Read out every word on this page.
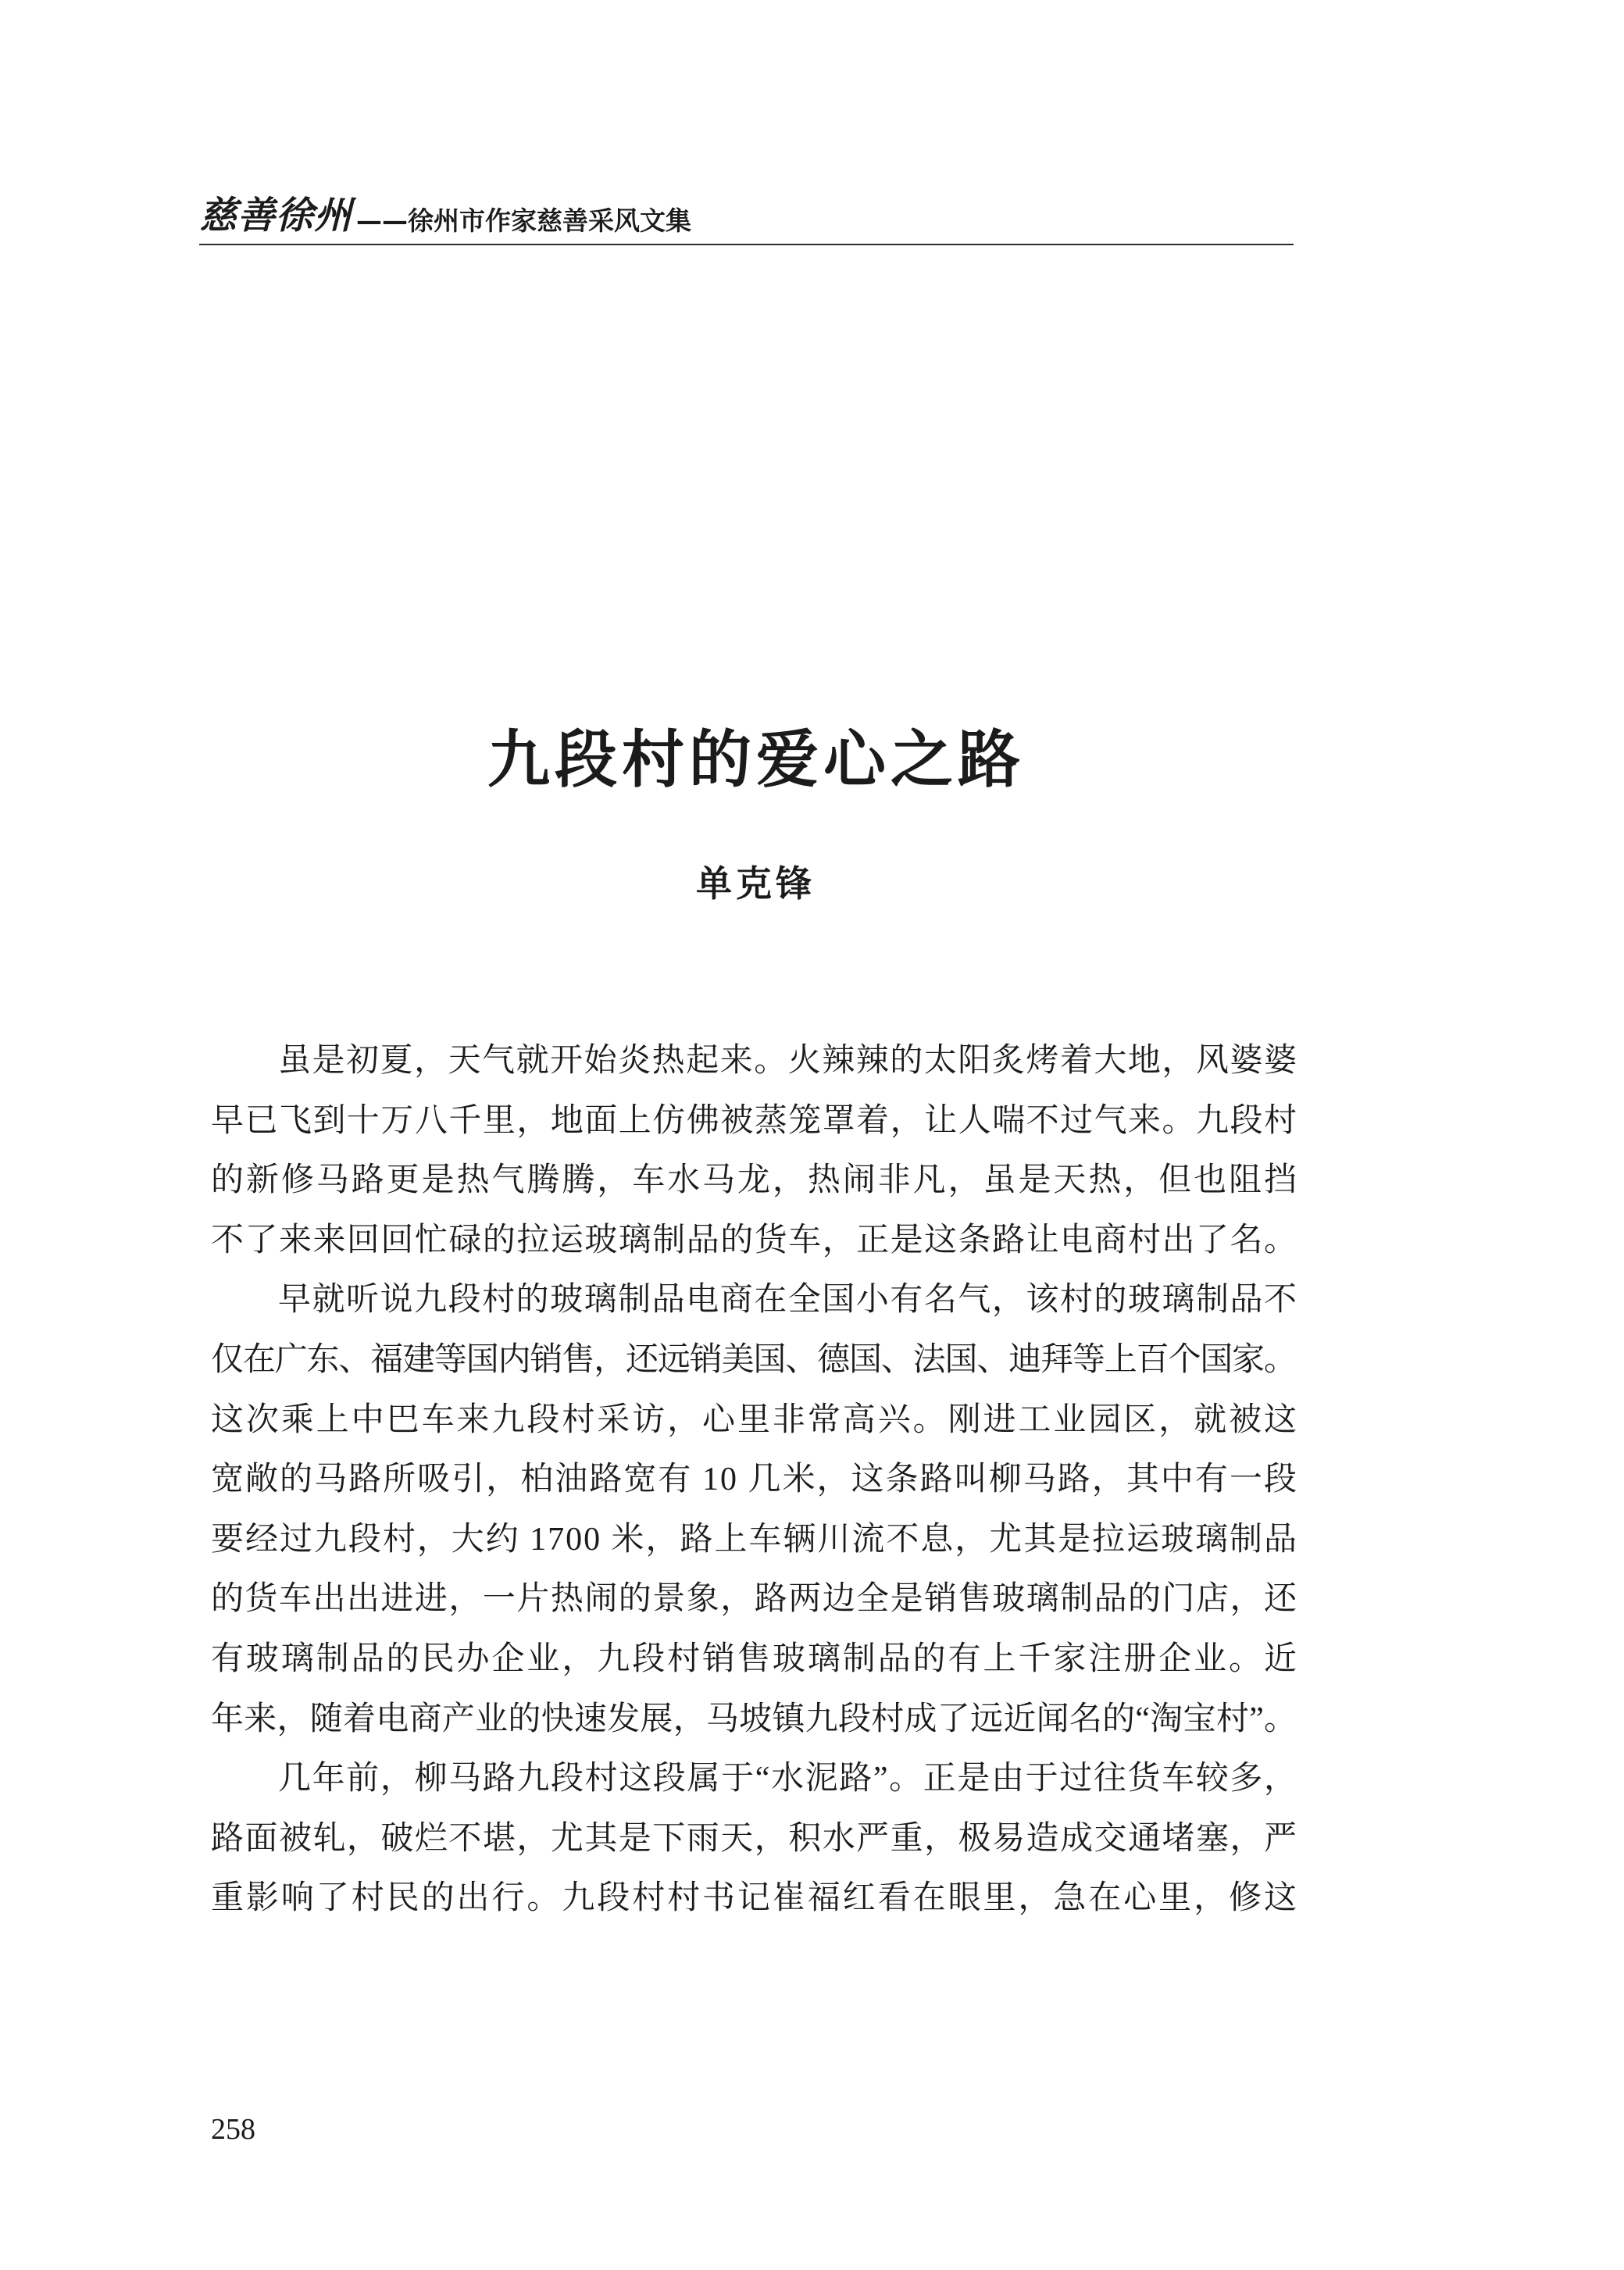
慈善徐州 ——徐州市作家慈善采风文集
九段村的爱心之路
单克锋
虽是初夏，天气就开始炎热起来。火辣辣的太阳炙烤着大地，风婆婆
早已飞到十万八千里，地面上仿佛被蒸笼罩着，让人喘不过气来。九段村
的新修马路更是热气腾腾，车水马龙，热闹非凡，虽是天热，但也阻挡
不了来来回回忙碌的拉运玻璃制品的货车，正是这条路让电商村出了名。
早就听说九段村的玻璃制品电商在全国小有名气，该村的玻璃制品不
仅在广东、福建等国内销售，还远销美国、德国、法国、迪拜等上百个国家。
这次乘上中巴车来九段村采访，心里非常高兴。刚进工业园区，就被这
宽敞的马路所吸引，柏油路宽有 10 几米，这条路叫柳马路，其中有一段
要经过九段村，大约 1700 米，路上车辆川流不息，尤其是拉运玻璃制品
的货车出出进进，一片热闹的景象，路两边全是销售玻璃制品的门店，还
有玻璃制品的民办企业，九段村销售玻璃制品的有上千家注册企业。近
年来，随着电商产业的快速发展，马坡镇九段村成了远近闻名的“淘宝村”。
几年前，柳马路九段村这段属于“水泥路”。正是由于过往货车较多，
路面被轧，破烂不堪，尤其是下雨天，积水严重，极易造成交通堵塞，严
重影响了村民的出行。九段村村书记崔福红看在眼里，急在心里，修这
258
